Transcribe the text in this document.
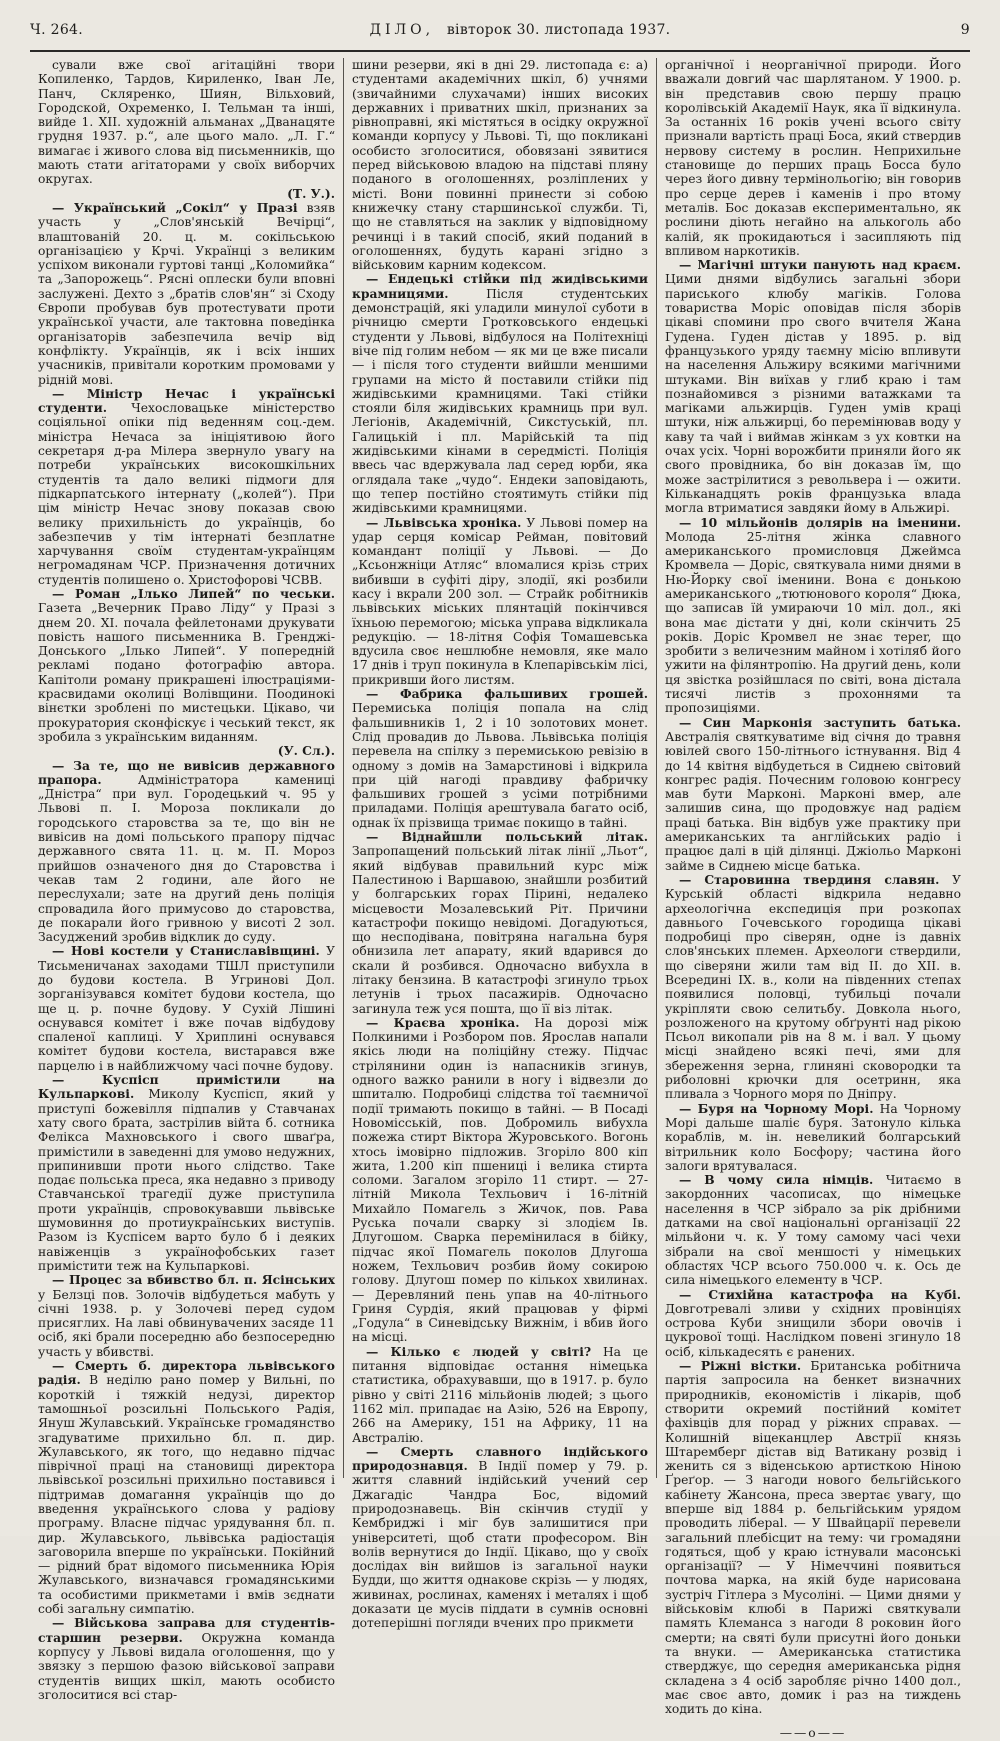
Ч. 264.	ДІЛО, вівторок 30. листопада 1937.	9

сували вже свої агітаційні твори Копиленко, Тардов, Кириленко, Іван Ле, Панч, Скляренко, Шиян, Вільховий, Городской, Охременко, І. Тельман та інші, вийде 1. XII. художній альманах „Дванацяте грудня 1937. р.“, але цього мало. „Л. Г.“ вимагає і живого слова від письменників, що мають стати агітаторами у своїх виборчих округах.

(Т. У.).

— Український „Сокіл“ у Празі взяв участь у „Слов'янській Вечірці“, влаштованій 20. ц. м. сокільською організацією у Крчі. Українці з великим успіхом виконали гуртові танці „Коломийка“ та „Запорожець“. Рясні оплески були вповні заслужені. Дехто з „братів слов'ян“ зі Сходу Європи пробував був протестувати проти української участи, але тактовна поведінка організаторів забезпечила вечір від конфлікту. Українців, як і всіх інших учасників, привітали коротким промовами у рідній мові.

— Міністр Нечас і українські студенти. Чехословацьке міністерство соціяльної опіки під веденням соц.-дем. міністра Нечаса за ініціятивою його секретаря д-ра Мілера звернуло увагу на потреби українських високошкільних студентів та дало великі підмоги для підкарпатського інтернату („колей“). При цім міністр Нечас знову показав свою велику прихильність до українців, бо забезпечив у тім інтернаті безплатне харчування своїм студентам-українцям негромадянам ЧСР. Призначення дотичних студентів полишено о. Христофорові ЧСВВ.

— Роман „Ілько Липей“ по чеськи. Газета „Вечерник Право Ліду“ у Празі з днем 20. XI. почала фейлетонами друкувати повість нашого письменника В. Гренджі-Донського „Ілько Липей“. У попередній рекламі подано фотографію автора. Капітоли роману прикрашені ілюстраціями-красвидами околиці Волівщини. Поодинокі вінєтки зроблені по мистецьки. Цікаво, чи прокуратория сконфіскує і чеський текст, як зробила з українським виданням.

(У. Сл.).

— За те, що не вивісив державного прапора. Адміністратора камениці „Дністра“ при вул. Городецький ч. 95 у Львові п. І. Мороза покликали до городського старовства за те, що він не вивісив на домі польського прапору підчас державного свята 11. ц. м. П. Мороз прийшов означеного дня до Старовства і чекав там 2 години, але його не переслухали; зате на другий день поліція спровадила його примусово до старовства, де покарали його гривною у висоті 2 зол. Засуджений зробив відклик до суду.

— Нові костели у Станиславівщині. У Тисьменичанах заходами ТШЛ приступили до будови костела. В Угринові Дол. зорганізувався комітет будови костела, що ще ц. р. почне будову. У Сухій Лішині оснувався комітет і вже почав відбудову спаленої каплиці. У Хриплині оснувався комітет будови костела, вистарався вже парцелю і в найближчому часі почне будову.

— Куспісп примістили на Кульпаркові. Миколу Куспісп, який у приступі божевілля підпалив у Ставчанах хату свого брата, застрілив війта б. сотника Фелікса Махновського і свого шваґра, примістили в заведенні для умово недужних, припинивши проти нього слідство. Таке подає польська преса, яка недавно з приводу Ставчанської трагедії дуже приступила проти українців, спровокувавши львівське шумовиння до протиукраїнських виступів. Разом із Куспісем варто було б і деяких навіженців з українофобських газет примістити теж на Кульпаркові.

— Процес за вбивство бл. п. Ясінських у Белзці пов. Золочів відбудеться мабуть у січні 1938. р. у Золочеві перед судом присяглих. На лаві обвинувачених засяде 11 осіб, які брали посередню або безпосередню участь у вбивстві.

— Смерть б. директора львівського радія. В неділю рано помер у Вильні, по короткій і тяжкій недузі, директор тамошньої розсильні Польського Радія, Януш Жулавський. Українське громадянство згадуватиме прихильно бл. п. дир. Жулавського, як того, що недавно підчас піврічної праці на становищі директора львівської розсильні прихильно поставився і підтримав домагання українців що до введення українського слова у радіову програму. Власне підчас урядування бл. п. дир. Жулавського, львівська радіостація заговорила вперше по українськи. Покійний — рідний брат відомого письменника Юрія Жулавського, визначався громадянськими та особистими прикметами і вмів зєднати собі загальну симпатію.

— Військова заправа для студентів-старшин резерви. Окружна команда корпусу у Львові видала оголошення, що у звязку з першою фазою військової заправи студентів вищих шкіл, мають особисто зголоситися всі стар-

шини резерви, які в дні 29. листопада є: а) студентами академічних шкіл, б) учнями (звичайними слухачами) інших високих державних і приватних шкіл, признаних за рівноправні, які містяться в осідку окружної команди корпусу у Львові. Ті, що покликані особисто зголоситися, обовязані зявитися перед військовою владою на підставі пляну поданого в оголошеннях, розліплених у місті. Вони повинні принести зі собою книжечку стану старшинської служби. Ті, що не ставляться на заклик у відповідному речинці і в такий спосіб, який поданий в оголошеннях, будуть карані згідно з військовим карним кодексом.

— Ендецькі стійки під жидівськими крамницями. Після студентських демонстрацій, які уладили минулої суботи в річницю смерти Гротковського ендецькі студенти у Львові, відбулося на Політехніці віче під голим небом — як ми це вже писали — і після того студенти вийшли меншими групами на місто й поставили стійки під жидівськими крамницями. Такі стійки стояли біля жидівських крамниць при вул. Легіонів, Академічній, Сикстуській, пл. Галицькій і пл. Марійській та під жидівськими кінами в середмісті. Поліція ввесь час вдержувала лад серед юрби, яка оглядала таке „чудо“. Ендеки заповідають, що тепер постійно стоятимуть стійки під жидівськими крамницями.

— Львівська хроніка. У Львові помер на удар серця комісар Рейман, повітовий командант поліції у Львові. — До „Ксьонжніци Атляс“ вломалися крізь стрих вибивши в суфіті діру, злодії, які розбили касу і вкрали 200 зол. — Страйк робітників львівських міських плянтацій покінчився їхньою перемогою; міська управа відкликала редукцію. — 18-літня Софія Томашевська вдусила своє нешлюбне немовля, яке мало 17 днів і труп покинула в Клепарівськім лісі, прикривши його листям.

— Фабрика фальшивих грошей. Перемиська поліція попала на слід фальшивників 1, 2 і 10 золотових монет. Слід провадив до Львова. Львівська поліція перевела на спілку з перемиською ревізію в одному з домів на Замарстинові і відкрила при цій нагоді правдиву фабричку фальшивих грошей з усіми потрібними приладами. Поліція арештувала багато осіб, однак їх прізвища тримає покищо в тайні.

— Віднайшли польський літак. Запропащений польський літак лінії „Льот“, який відбував правильний курс між Палестиною і Варшавою, знайшли розбитий у болгарських горах Пірині, недалеко місцевости Мозалевський Ріт. Причини катастрофи покищо невідомі. Догадуються, що несподівана, повітряна нагальна буря обнизила лет апарату, який вдарився до скали й розбився. Одночасно вибухла в літаку бензина. В катастрофі згинуло трьох летунів і трьох пасажирів. Одночасно загинула теж уся пошта, що її віз літак.

— Краєва хроніка. На дорозі між Полкиними і Розбором пов. Ярослав напали якісь люди на поліційну стежу. Підчас стрілянини один із напасників згинув, одного важко ранили в ногу і відвезли до шпиталю. Подробиці слідства тої таємничої події тримають покищо в тайні. — В Посаді Новомісській, пов. Добромиль вибухла пожежа стирт Віктора Журовського. Вогонь хтось імовірно підложив. Згоріло 800 кіп жита, 1.200 кіп пшениці і велика стирта соломи. Загалом згоріло 11 стирт. — 27-літній Микола Техльович і 16-літній Михайло Помагель з Жичок, пов. Рава Руська почали сварку зі злодієм Ів. Длугошом. Сварка перемінилася в бійку, підчас якої Помагель поколов Длугоша ножем, Техльович розбив йому сокирою голову. Длугош помер по кількох хвилинах. — Деревляний пень упав на 40-літнього Гриня Сурдія, який працював у фірмі „Годула“ в Синевідську Вижнім, і вбив його на місці.

— Кілько є людей у світі? На це питання відповідає остання німецька статистика, обрахувавши, що в 1917. р. було рівно у світі 2116 мільйонів людей; з цього 1162 міл. припадає на Азію, 526 на Европу, 266 на Америку, 151 на Африку, 11 на Австралію.

— Смерть славного індійського природознавця. В Індії помер у 79. р. життя славний індійський учений сер Джагадіс Чандра Бос, відомий природознавець. Він скінчив студії у Кембриджі і міг був залишитися при університеті, щоб стати професором. Він волів вернутися до Індії. Цікаво, що у своїх дослідах він вийшов із загальної науки Будди, що життя однакове скрізь — у людях, живинах, рослинах, каменях і металях і щоб доказати це мусів піддати в сумнів основні дотеперішні погляди вчених про прикмети

органічної і неорганічної природи. Його вважали довгий час шарлятаном. У 1900. р. він представив свою першу працю королівській Академії Наук, яка її відкинула. За останніх 16 років учені всього світу признали вартість праці Боса, який ствердив нервову систему в рослин. Неприхильне становище до перших праць Босса було через його дивну термінольогію; він говорив про серце дерев і каменів і про втому металів. Бос доказав експериментально, як рослини діють негайно на алькоголь або калій, як прокидаються і засипляють під впливом наркотиків.

— Магічні штуки панують над краєм. Цими днями відбулись загальні збори париського клюбу магіків. Голова товариства Моріс оповідав після зборів цікаві спомини про свого вчителя Жана Гудена. Гуден дістав у 1895. р. від французького уряду таємну місію впливути на населення Альжиру всякими магічними штуками. Він виїхав у глиб краю і там познайомився з різними ватажками та магіками альжирців. Гуден умів краці штуки, ніж альжирці, бо перемінював воду у каву та чай і виймав жінкам з ух ковтки на очах усіх. Чорні ворожбити приняли його як свого провідника, бо він доказав їм, що може застрілитися з револьвера і — ожити. Кільканадцять років французька влада могла втриматися завдяки йому в Альжирі.

— 10 мільйонів долярів на іменини. Молода 25-літня жінка славного американського промисловця Джеймса Кромвела — Доріс, святкувала ними днями в Ню-Йорку свої іменини. Вона є донькою американського „тютюнового короля“ Дюка, що записав їй умираючи 10 міл. дол., які вона має дістати у дні, коли скінчить 25 років. Доріс Кромвел не знає теper, що зробити з величезним майном і хотіляб його ужити на філянтропію. На другий день, коли ця звістка розійшлася по світі, вона дістала тисячі листів з прохоннями та пропозиціями.

— Син Марконія заступить батька. Австралія святкуватиме від січня до травня ювілей свого 150-літнього істнування. Від 4 до 14 квітня відбудеться в Сиднею світовий конгрес радія. Почесним головою конгресу мав бути Марконі. Марконі вмер, але залишив сина, що продовжує над радієм праці батька. Він відбув уже практику при американських та англійських радіо і працює далі в цій ділянці. Джіольо Марконі займе в Сиднею місце батька.

— Старовинна твердиня славян. У Курській області відкрила недавно археологічна експедиція при розкопах давнього Гочевського городища цікаві подробиці про сіверян, одне із давніх слов'янських племен. Археологи ствердили, що сіверяни жили там від II. до XII. в. Всередині IX. в., коли на південних степах появилися половці, тубильці почали укріпляти свою селитьбу. Довкола нього, розложеного на крутому обґрунті над рікою Псьол викопали рів на 8 м. і вал. У цьому місці знайдено всякі печі, ями для збереження зерна, глиняні сковородки та риболовні крючки для осетринн, яка пливала з Чорного моря по Дніпру.

— Буря на Чорному Морі. На Чорному Морі дальше шаліє буря. Затонуло кілька кораблів, м. ін. невеликий болгарський вітрильник коло Босфору; частина його залоги врятувалася.

— В чому сила німців. Читаємо в закордонних часописах, що німецьке населення в ЧСР зібрало за рік дрібними датками на свої національні організації 22 мільйони ч. к. У тому самому часі чехи зібрали на свої меншості у німецьких областях ЧСР всього 750.000 ч. к. Ось де сила німецького елементу в ЧСР.

— Стихійна катастрофа на Кубі. Довготревалі зливи у східних провінціях острова Куби знищили збори овочів і цукрової тощі. Наслідком повені згинуло 18 осіб, кількадесять є ранених.

— Ріжні вістки. Британська робітнича партія запросила на бенкет визначних природників, економістів і лікарів, щоб створити окремий постійний комітет фахівців для порад у ріжних справах. — Колишній віцеканцлер Австрії князь Штаремберг дістав від Ватикану розвід і женить ся з віденською артисткою Ніною Ґреґор. — З нагоди нового бельгійського кабінету Жансона, преса звертає увагу, що вперше від 1884 р. бельгійським урядом проводить лібераl. — У Швайцарії перевели загальний плебісцит на тему: чи громадяни годяться, щоб у краю істнували масонські організації? — У Німеччині появиться почтова марка, на якій буде нарисована зустріч Гітлера з Мусоліні. — Цими днями у військовім клюбі в Парижі святкували память Клеманса з нагоди 8 роковин його смерти; на святі були присутні його доньки та внуки. — Американська статистика стверджує, що середня американська рідня складена з 4 осіб заробляє річно 1400 дол., має своє авто, домик і раз на тиждень ходить до кіна.

——o——
